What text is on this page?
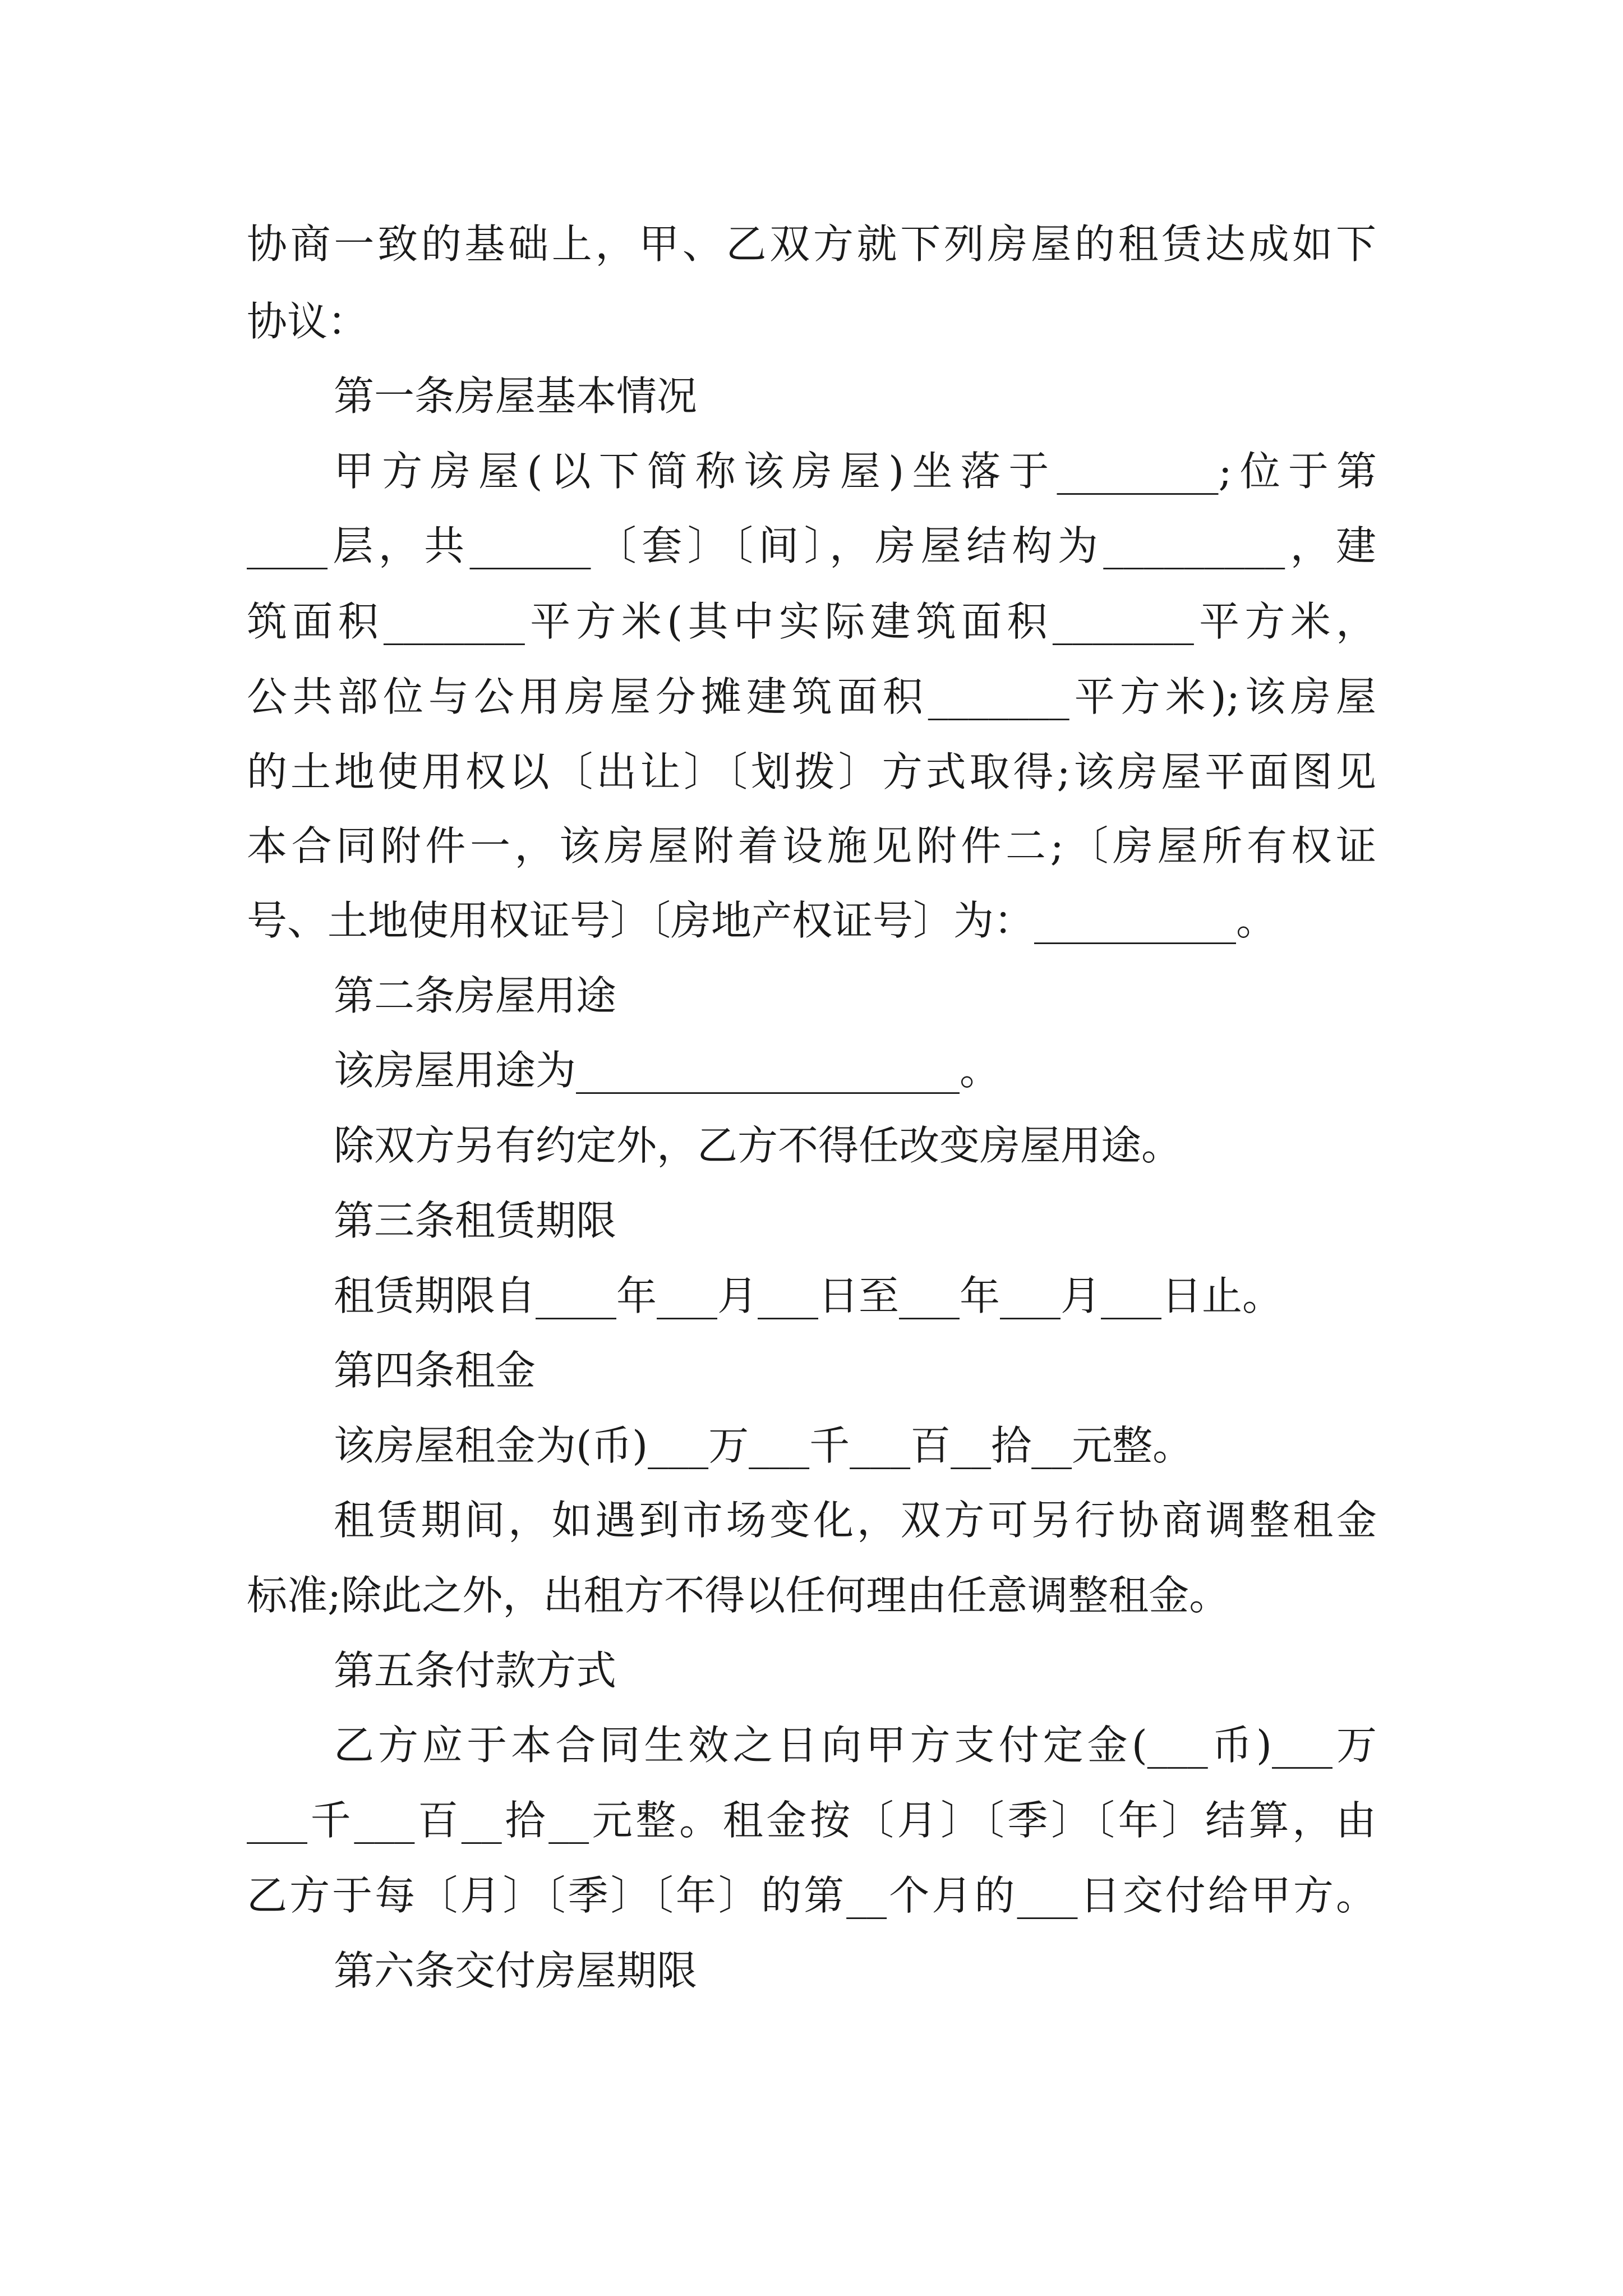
协商一致的基础上，甲、乙双方就下列房屋的租赁达成如下
协议：
第一条房屋基本情况
甲方房屋(以下简称该房屋)坐落于________;位于第
____层，共______〔套〕〔间〕，房屋结构为_________，建
筑面积_______平方米(其中实际建筑面积_______平方米，
公共部位与公用房屋分摊建筑面积_______平方米);该房屋
的土地使用权以〔出让〕〔划拨〕方式取得;该房屋平面图见
本合同附件一，该房屋附着设施见附件二;〔房屋所有权证
号、土地使用权证号〕〔房地产权证号〕为：__________。
第二条房屋用途
该房屋用途为___________________。
除双方另有约定外，乙方不得任改变房屋用途。
第三条租赁期限
租赁期限自____年___月___日至___年___月___日止。
第四条租金
该房屋租金为(币)___万___千___百__拾__元整。
租赁期间，如遇到市场变化，双方可另行协商调整租金
标准;除此之外，出租方不得以任何理由任意调整租金。
第五条付款方式
乙方应于本合同生效之日向甲方支付定金(___币)___万
___千___百__拾__元整。租金按〔月〕〔季〕〔年〕结算，由
乙方于每〔月〕〔季〕〔年〕的第__个月的___日交付给甲方。
第六条交付房屋期限
